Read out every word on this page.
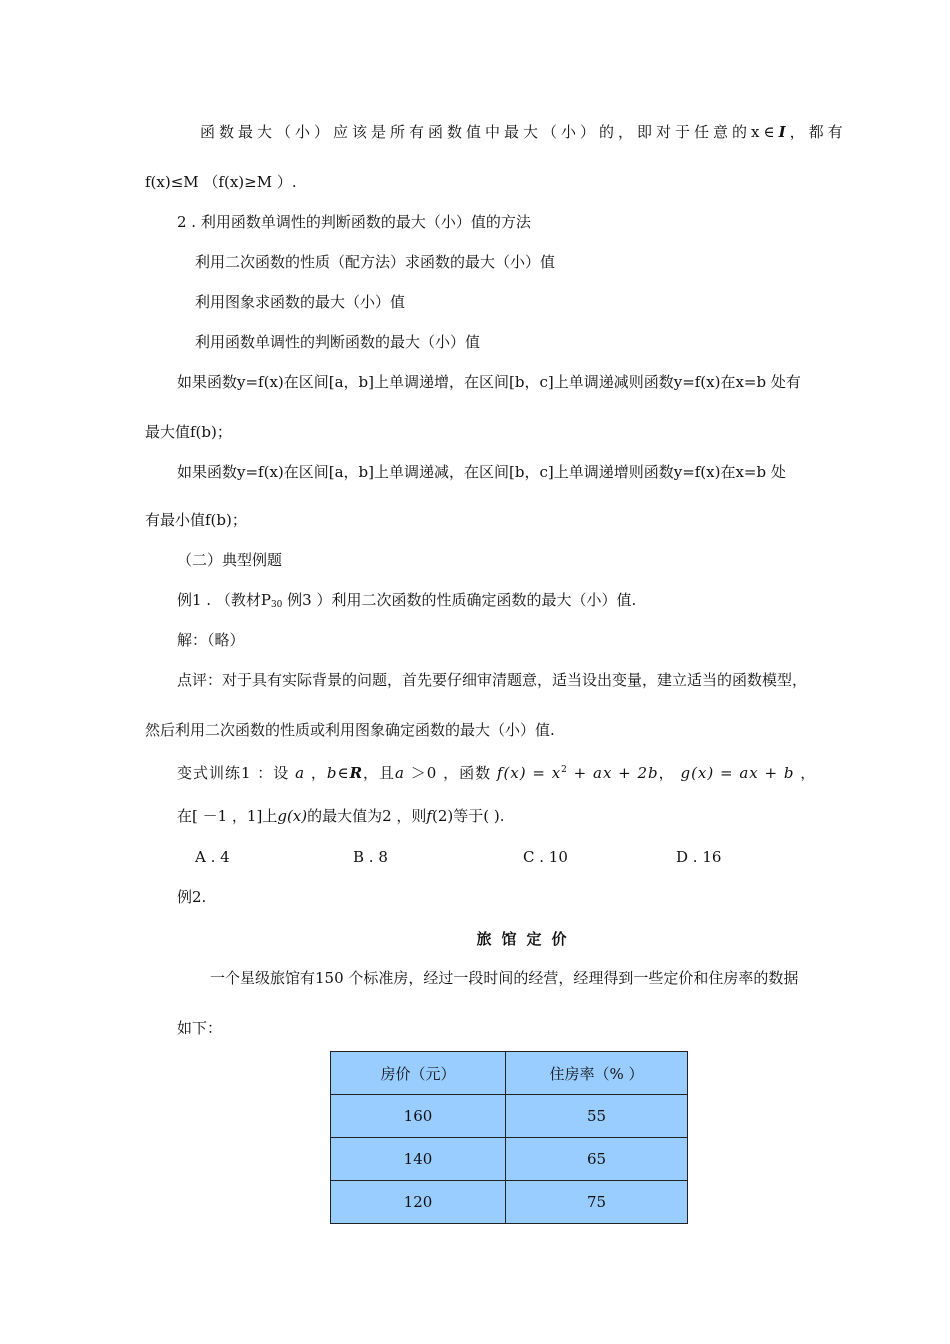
函数最大（小）应该是所有函数值中最大（小）的，即对于任意的x∈I，都有
f(x)≤M （f(x)≥M ）.
2 . 利用函数单调性的判断函数的最大（小）值的方法
利用二次函数的性质（配方法）求函数的最大（小）值
利用图象求函数的最大（小）值
利用函数单调性的判断函数的最大（小）值
如果函数y=f(x)在区间[a，b]上单调递增，在区间[b，c]上单调递减则函数y=f(x)在x=b 处有
最大值f(b)；
如果函数y=f(x)在区间[a，b]上单调递减，在区间[b，c]上单调递增则函数y=f(x)在x=b 处
有最小值f(b)；
（二）典型例题
例1 . （教材$P_{30}$ 例3 ）利用二次函数的性质确定函数的最大（小）值.
解：（略）
点评：对于具有实际背景的问题，首先要仔细审清题意，适当设出变量，建立适当的函数模型，
然后利用二次函数的性质或利用图象确定函数的最大（小）值.
变式训练1 ：设 a ，b∈R，且a ＞0 ，函数 $f(x) = x^2$ + ax + 2b， g(x) = ax + b ，
在[ －1 ，1]上g(x)的最大值为2 ，则f(2)等于( ).
A . 4	B . 8	C . 10	D . 16
例2.
旅馆定价
一个星级旅馆有150 个标准房，经过一段时间的经营，经理得到一些定价和住房率的数据
如下：
房价（元）	住房率（% ）
160	55
140	65
120	75
